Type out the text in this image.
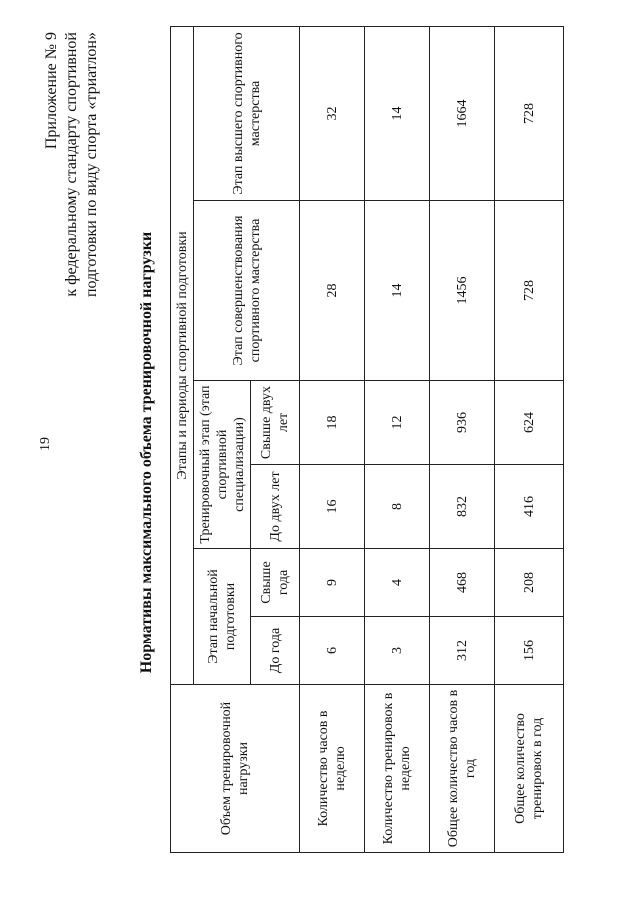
19
Приложение № 9 к федеральному стандарту спортивной подготовки по виду спорта «триатлон»
Нормативы максимального объема тренировочной нагрузки
Объем тренировочной нагрузки	Этапы и периоды спортивной подготовки					
	Этап начальной подготовки		Тренировочный этап (этап спортивной специализации)		Этап совершенствования спортивного мастерства	Этап высшего спортивного мастерства
	До года	Свыше года	До двух лет	Свыше двух лет		
Количество часов в неделю	6	9	16	18	28	32
Количество тренировок в неделю	3	4	8	12	14	14
Общее количество часов в год	312	468	832	936	1456	1664
Общее количество тренировок в год	156	208	416	624	728	728
